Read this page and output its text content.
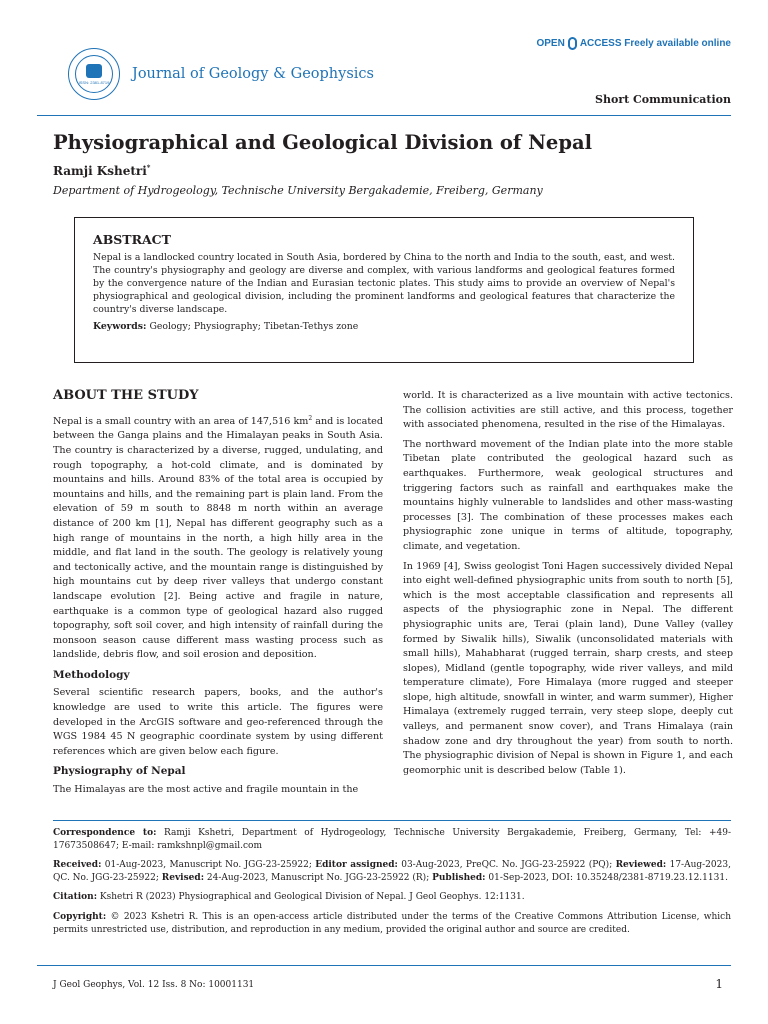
OPEN ACCESS Freely available online
ISSN: 2381-8719 Journal of Geology & Geophysics
Short Communication
Physiographical and Geological Division of Nepal
Ramji Kshetri*
Department of Hydrogeology, Technische University Bergakademie, Freiberg, Germany
ABSTRACT
Nepal is a landlocked country located in South Asia, bordered by China to the north and India to the south, east, and west. The country's physiography and geology are diverse and complex, with various landforms and geological features formed by the convergence nature of the Indian and Eurasian tectonic plates. This study aims to provide an overview of Nepal's physiographical and geological division, including the prominent landforms and geological features that characterize the country's diverse landscape.
Keywords: Geology; Physiography; Tibetan-Tethys zone
ABOUT THE STUDY

Nepal is a small country with an area of 147,516 $km^2$ and is located between the Ganga plains and the Himalayan peaks in South Asia. The country is characterized by a diverse, rugged, undulating, and rough topography, a hot-cold climate, and is dominated by mountains and hills. Around 83% of the total area is occupied by mountains and hills, and the remaining part is plain land. From the elevation of 59 m south to 8848 m north within an average distance of 200 km [1], Nepal has different geography such as a high range of mountains in the north, a high hilly area in the middle, and flat land in the south. The geology is relatively young and tectonically active, and the mountain range is distinguished by high mountains cut by deep river valleys that undergo constant landscape evolution [2]. Being active and fragile in nature, earthquake is a common type of geological hazard also rugged topography, soft soil cover, and high intensity of rainfall during the monsoon season cause different mass wasting process such as landslide, debris flow, and soil erosion and deposition.

Methodology

Several scientific research papers, books, and the author's knowledge are used to write this article. The figures were developed in the ArcGIS software and geo-referenced through the WGS 1984 45 N geographic coordinate system by using different references which are given below each figure.

Physiography of Nepal

The Himalayas are the most active and fragile mountain in the

world. It is characterized as a live mountain with active tectonics. The collision activities are still active, and this process, together with associated phenomena, resulted in the rise of the Himalayas.

The northward movement of the Indian plate into the more stable Tibetan plate contributed the geological hazard such as earthquakes. Furthermore, weak geological structures and triggering factors such as rainfall and earthquakes make the mountains highly vulnerable to landslides and other mass-wasting processes [3]. The combination of these processes makes each physiographic zone unique in terms of altitude, topography, climate, and vegetation.

In 1969 [4], Swiss geologist Toni Hagen successively divided Nepal into eight well-defined physiographic units from south to north [5], which is the most acceptable classification and represents all aspects of the physiographic zone in Nepal. The different physiographic units are, Terai (plain land), Dune Valley (valley formed by Siwalik hills), Siwalik (unconsolidated materials with small hills), Mahabharat (rugged terrain, sharp crests, and steep slopes), Midland (gentle topography, wide river valleys, and mild temperature climate), Fore Himalaya (more rugged and steeper slope, high altitude, snowfall in winter, and warm summer), Higher Himalaya (extremely rugged terrain, very steep slope, deeply cut valleys, and permanent snow cover), and Trans Himalaya (rain shadow zone and dry throughout the year) from south to north. The physiographic division of Nepal is shown in Figure 1, and each geomorphic unit is described below (Table 1).

Correspondence to: Ramji Kshetri, Department of Hydrogeology, Technische University Bergakademie, Freiberg, Germany, Tel: +49-17673508647; E-mail: ramkshnpl@gmail.com

Received: 01-Aug-2023, Manuscript No. JGG-23-25922; Editor assigned: 03-Aug-2023, PreQC. No. JGG-23-25922 (PQ); Reviewed: 17-Aug-2023, QC. No. JGG-23-25922; Revised: 24-Aug-2023, Manuscript No. JGG-23-25922 (R); Published: 01-Sep-2023, DOI: 10.35248/2381-8719.23.12.1131.

Citation: Kshetri R (2023) Physiographical and Geological Division of Nepal. J Geol Geophys. 12:1131.

Copyright: © 2023 Kshetri R. This is an open-access article distributed under the terms of the Creative Commons Attribution License, which permits unrestricted use, distribution, and reproduction in any medium, provided the original author and source are credited.

J Geol Geophys, Vol. 12 Iss. 8 No: 10001131	1
